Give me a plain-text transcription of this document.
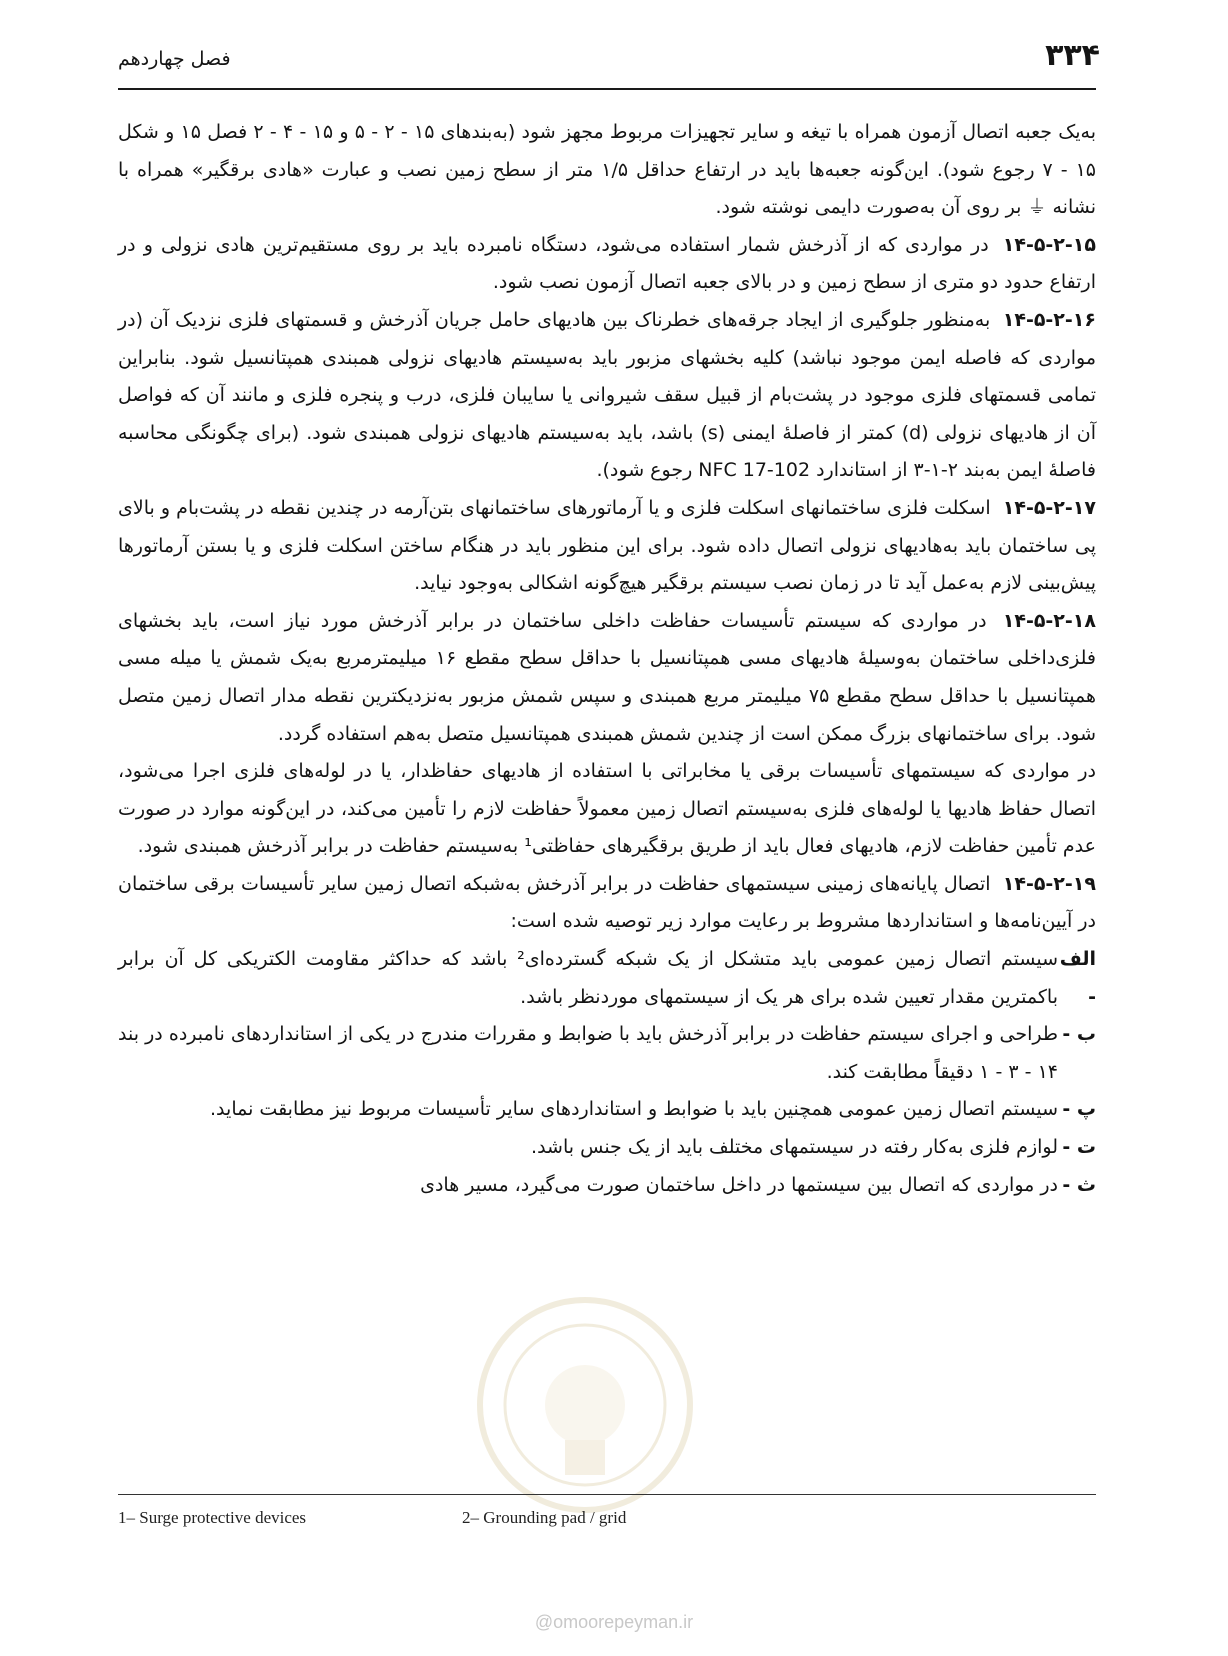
۳۳۴
فصل چهاردهم

به‌یک جعبه اتصال آزمون همراه با تیغه و سایر تجهیزات مربوط مجهز شود (به‌بندهای ۱۵ - ۲ - ۵ و ۱۵ - ۴ - ۲ فصل ۱۵ و شکل ۱۵ - ۷ رجوع شود). این‌گونه جعبه‌ها باید در ارتفاع حداقل ۱/۵ متر از سطح زمین نصب و عبارت «هادی برقگیر» همراه با نشانه ⏚ بر روی آن به‌صورت دایمی نوشته شود.

۱۴-۵-۲-۱۵ در مواردی که از آذرخش شمار استفاده می‌شود، دستگاه نامبرده باید بر روی مستقیم‌ترین هادی نزولی و در ارتفاع حدود دو متری از سطح زمین و در بالای جعبه اتصال آزمون نصب شود.

۱۴-۵-۲-۱۶ به‌منظور جلوگیری از ایجاد جرقه‌های خطرناک بین هادیهای حامل جریان آذرخش و قسمتهای فلزی نزدیک آن (در مواردی که فاصله ایمن موجود نباشد) کلیه بخشهای مزبور باید به‌سیستم هادیهای نزولی همبندی همپتانسیل شود. بنابراین تمامی قسمتهای فلزی موجود در پشت‌بام از قبیل سقف شیروانی یا سایبان فلزی، درب و پنجره فلزی و مانند آن که فواصل آن از هادیهای نزولی (d) کمتر از فاصلهٔ ایمنی (s) باشد، باید به‌سیستم هادیهای نزولی همبندی شود. (برای چگونگی محاسبه فاصلهٔ ایمن به‌بند ۲-۱-۳ از استاندارد NFC 17-102 رجوع شود).

۱۴-۵-۲-۱۷ اسکلت فلزی ساختمانهای اسکلت فلزی و یا آرماتورهای ساختمانهای بتن‌آرمه در چندین نقطه در پشت‌بام و بالای پی ساختمان باید به‌هادیهای نزولی اتصال داده شود. برای این منظور باید در هنگام ساختن اسکلت فلزی و یا بستن آرماتورها پیش‌بینی لازم به‌عمل آید تا در زمان نصب سیستم برقگیر هیچ‌گونه اشکالی به‌وجود نیاید.

۱۴-۵-۲-۱۸ در مواردی که سیستم تأسیسات حفاظت داخلی ساختمان در برابر آذرخش مورد نیاز است، باید بخشهای فلزی‌داخلی ساختمان به‌وسیلهٔ هادیهای مسی همپتانسیل با حداقل سطح مقطع ۱۶ میلیمترمربع به‌یک شمش یا میله مسی همپتانسیل با حداقل سطح مقطع ۷۵ میلیمتر مربع همبندی و سپس شمش مزبور به‌نزدیکترین نقطه مدار اتصال زمین متصل شود. برای ساختمانهای بزرگ ممکن است از چندین شمش همبندی همپتانسیل متصل به‌هم استفاده گردد.

در مواردی که سیستمهای تأسیسات برقی یا مخابراتی با استفاده از هادیهای حفاظدار، یا در لوله‌های فلزی اجرا می‌شود، اتصال حفاظ هادیها یا لوله‌های فلزی به‌سیستم اتصال زمین معمولاً حفاظت لازم را تأمین می‌کند، در این‌گونه موارد در صورت عدم تأمین حفاظت لازم، هادیهای فعال باید از طریق برقگیرهای حفاظتی¹ به‌سیستم حفاظت در برابر آذرخش همبندی شود.

۱۴-۵-۲-۱۹ اتصال پایانه‌های زمینی سیستمهای حفاظت در برابر آذرخش به‌شبکه اتصال زمین سایر تأسیسات برقی ساختمان در آیین‌نامه‌ها و استانداردها مشروط بر رعایت موارد زیر توصیه شده است:

الف -
سیستم اتصال زمین عمومی باید متشکل از یک شبکه گسترده‌ای² باشد که حداکثر مقاومت الکتریکی کل آن برابر باکمترین مقدار تعیین شده برای هر یک از سیستمهای موردنظر باشد.
ب -
طراحی و اجرای سیستم حفاظت در برابر آذرخش باید با ضوابط و مقررات مندرج در یکی از استانداردهای نامبرده در بند ۱۴ - ۳ - ۱ دقیقاً مطابقت کند.
پ -
سیستم اتصال زمین عمومی همچنین باید با ضوابط و استانداردهای سایر تأسیسات مربوط نیز مطابقت نماید.
ت -
لوازم فلزی به‌کار رفته در سیستمهای مختلف باید از یک جنس باشد.
ث -
در مواردی که اتصال بین سیستمها در داخل ساختمان صورت می‌گیرد، مسیر هادی
1– Surge protective devices	2– Grounding pad / grid
@omoorepeyman.ir
